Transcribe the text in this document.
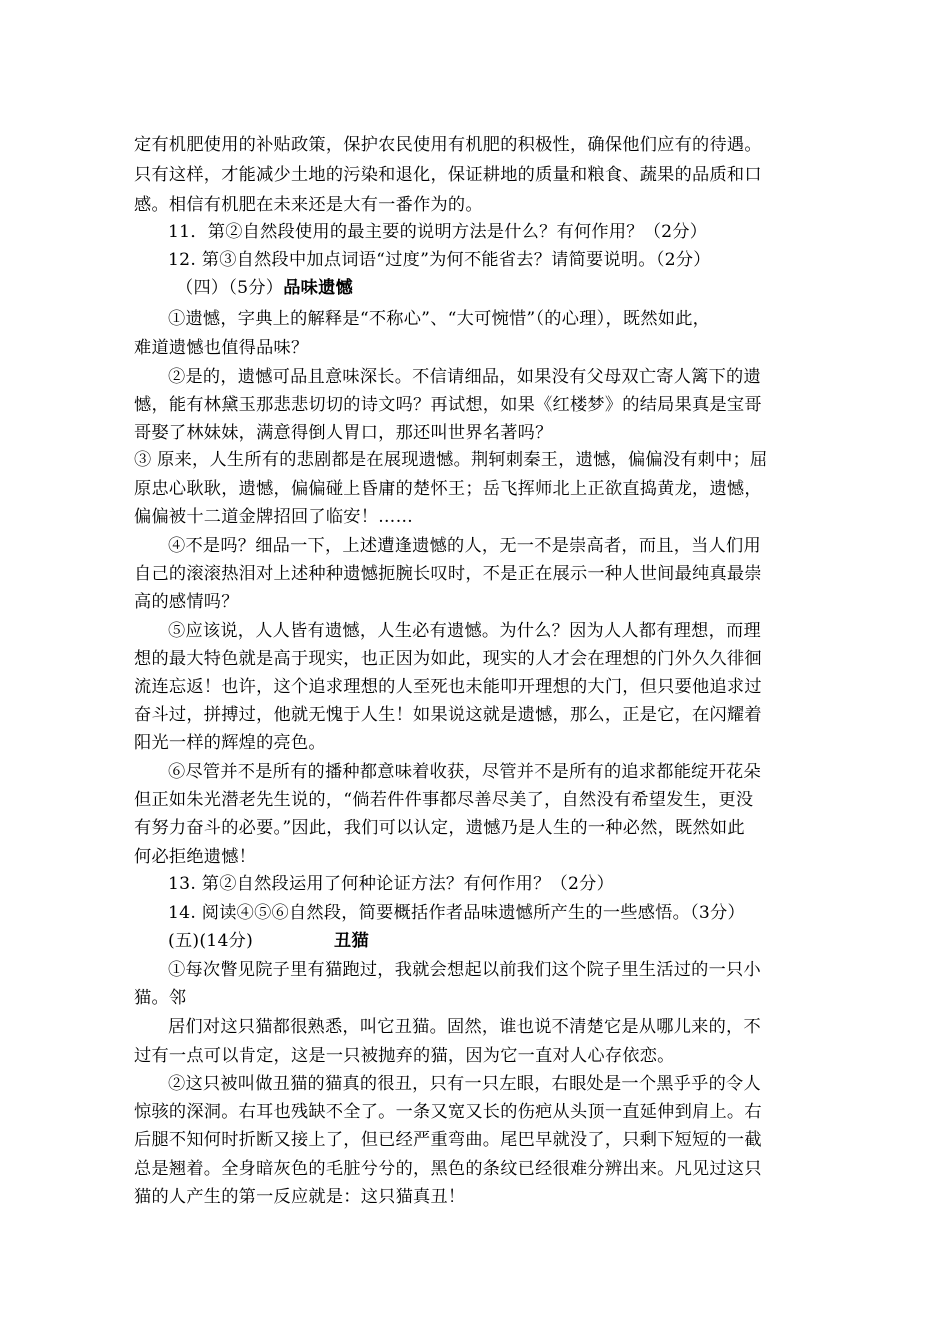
定有机肥使用的补贴政策，保护农民使用有机肥的积极性，确保他们应有的待遇。
只有这样，才能减少土地的污染和退化，保证耕地的质量和粮食、蔬果的品质和口
感。相信有机肥在未来还是大有一番作为的。
11．第②自然段使用的最主要的说明方法是什么？有何作用？（2分）
12. 第③自然段中加点词语“过度”为何不能省去？请简要说明。（2分）
（四）（5分）品味遗憾
①遗憾，字典上的解释是“不称心”、“大可惋惜”（的心理），既然如此，
难道遗憾也值得品味？
②是的，遗憾可品且意味深长。不信请细品，如果没有父母双亡寄人篱下的遗
憾，能有林黛玉那悲悲切切的诗文吗？再试想，如果《红楼梦》的结局果真是宝哥
哥娶了林妹妹，满意得倒人胃口，那还叫世界名著吗？
③ 原来，人生所有的悲剧都是在展现遗憾。荆轲刺秦王，遗憾，偏偏没有刺中；屈
原忠心耿耿，遗憾，偏偏碰上昏庸的楚怀王；岳飞挥师北上正欲直捣黄龙，遗憾，
偏偏被十二道金牌招回了临安！……
④不是吗？细品一下，上述遭逢遗憾的人，无一不是崇高者，而且，当人们用
自己的滚滚热泪对上述种种遗憾扼腕长叹时，不是正在展示一种人世间最纯真最崇
高的感情吗？
⑤应该说，人人皆有遗憾，人生必有遗憾。为什么？因为人人都有理想，而理
想的最大特色就是高于现实，也正因为如此，现实的人才会在理想的门外久久徘徊
流连忘返！也许，这个追求理想的人至死也未能叩开理想的大门，但只要他追求过
奋斗过，拼搏过，他就无愧于人生！如果说这就是遗憾，那么，正是它，在闪耀着
阳光一样的辉煌的亮色。
⑥尽管并不是所有的播种都意味着收获，尽管并不是所有的追求都能绽开花朵
但正如朱光潜老先生说的，“倘若件件事都尽善尽美了，自然没有希望发生，更没
有努力奋斗的必要。”因此，我们可以认定，遗憾乃是人生的一种必然，既然如此
何必拒绝遗憾！
13. 第②自然段运用了何种论证方法？有何作用？（2分）
14. 阅读④⑤⑥自然段，简要概括作者品味遗憾所产生的一些感悟。（3分）
(五)(14分)	丑猫
①每次瞥见院子里有猫跑过，我就会想起以前我们这个院子里生活过的一只小
猫。邻
居们对这只猫都很熟悉，叫它丑猫。固然，谁也说不清楚它是从哪儿来的，不
过有一点可以肯定，这是一只被抛弃的猫，因为它一直对人心存依恋。
②这只被叫做丑猫的猫真的很丑，只有一只左眼，右眼处是一个黑乎乎的令人
惊骇的深洞。右耳也残缺不全了。一条又宽又长的伤疤从头顶一直延伸到肩上。右
后腿不知何时折断又接上了，但已经严重弯曲。尾巴早就没了，只剩下短短的一截
总是翘着。全身暗灰色的毛脏兮兮的，黑色的条纹已经很难分辨出来。凡见过这只
猫的人产生的第一反应就是：这只猫真丑！
